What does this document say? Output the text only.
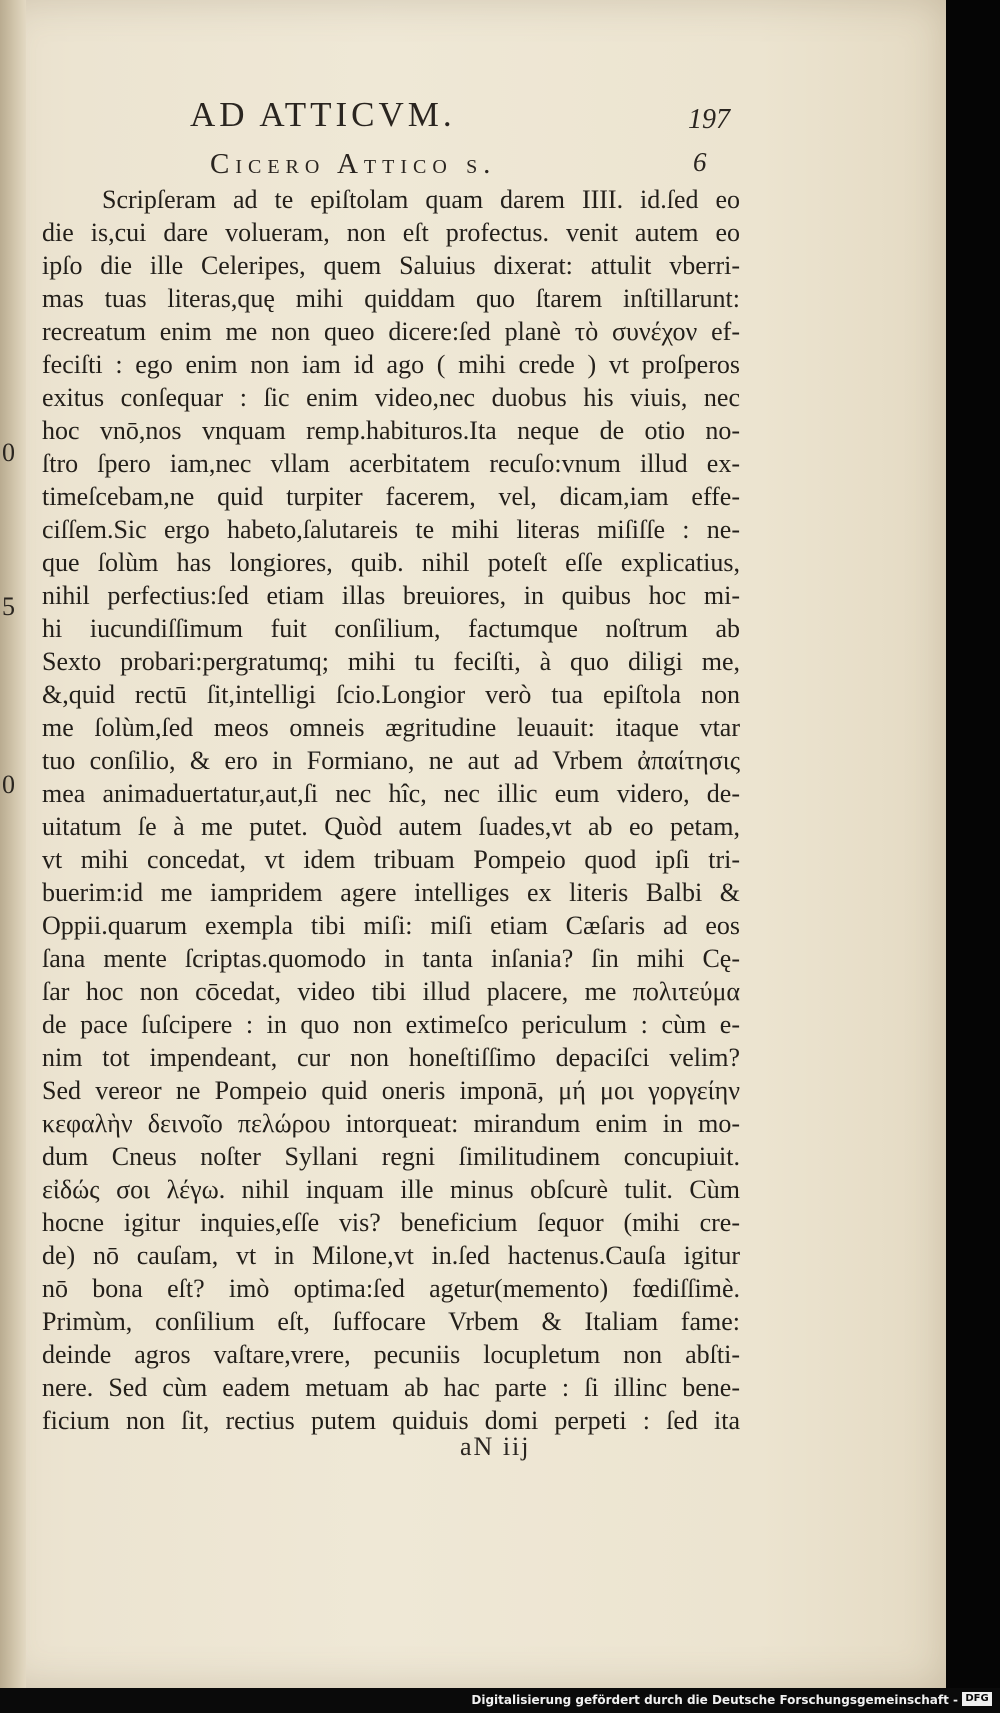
AD ATTICVM.	197
Cicero Attico s.	6
0
5
0
Scripſeram ad te epiſtolam quam darem IIII. id.ſed eo
die is,cui dare volueram, non eſt profectus. venit autem eo
ipſo die ille Celeripes, quem Saluius dixerat: attulit vberri-
mas tuas literas,quę mihi quiddam quo ſtarem inſtillarunt:
recreatum enim me non queo dicere:ſed planè τὸ συνέχον ef-
feciſti : ego enim non iam id ago ( mihi crede ) vt proſperos
exitus conſequar : ſic enim video,nec duobus his viuis, nec
hoc vnō,nos vnquam remp.habituros.Ita neque de otio no-
ſtro ſpero iam,nec vllam acerbitatem recuſo:vnum illud ex-
timeſcebam,ne quid turpiter facerem, vel, dicam,iam effe-
ciſſem.Sic ergo habeto,ſalutareis te mihi literas miſiſſe : ne-
que ſolùm has longiores, quib. nihil poteſt eſſe explicatius,
nihil perfectius:ſed etiam illas breuiores, in quibus hoc mi-
hi iucundiſſimum fuit conſilium, factumque noſtrum ab
Sexto probari:pergratumq; mihi tu feciſti, à quo diligi me,
&,quid rectū ſit,intelligi ſcio.Longior verò tua epiſtola non
me ſolùm,ſed meos omneis ægritudine leuauit: itaque vtar
tuo conſilio, & ero in Formiano, ne aut ad Vrbem ἀπαίτησις
mea animaduertatur,aut,ſi nec hîc, nec illic eum videro, de-
uitatum ſe à me putet. Quòd autem ſuades,vt ab eo petam,
vt mihi concedat, vt idem tribuam Pompeio quod ipſi tri-
buerim:id me iampridem agere intelliges ex literis Balbi &
Oppii.quarum exempla tibi miſi: miſi etiam Cæſaris ad eos
ſana mente ſcriptas.quomodo in tanta inſania? ſin mihi Cę-
ſar hoc non cōcedat, video tibi illud placere, me πολιτεύμα
de pace ſuſcipere : in quo non extimeſco periculum : cùm e-
nim tot impendeant, cur non honeſtiſſimo depaciſci velim?
Sed vereor ne Pompeio quid oneris imponā, μή μοι γοργείην
κεφαλὴν δεινοῖο πελώρου intorqueat: mirandum enim in mo-
dum Cneus noſter Syllani regni ſimilitudinem concupiuit.
εἰδώς σοι λέγω. nihil inquam ille minus obſcurè tulit. Cùm
hocne igitur inquies,eſſe vis? beneficium ſequor (mihi cre-
de) nō cauſam, vt in Milone,vt in.ſed hactenus.Cauſa igitur
nō bona eſt? imò optima:ſed agetur(memento) fœdiſſimè.
Primùm, conſilium eſt, ſuffocare Vrbem & Italiam fame:
deinde agros vaſtare,vrere, pecuniis locupletum non abſti-
nere. Sed cùm eadem metuam ab hac parte : ſi illinc bene-
ficium non ſit, rectius putem quiduis domi perpeti : ſed ita
aN iij
Digitalisierung gefördert durch die Deutsche Forschungsgemeinschaft - DFG
